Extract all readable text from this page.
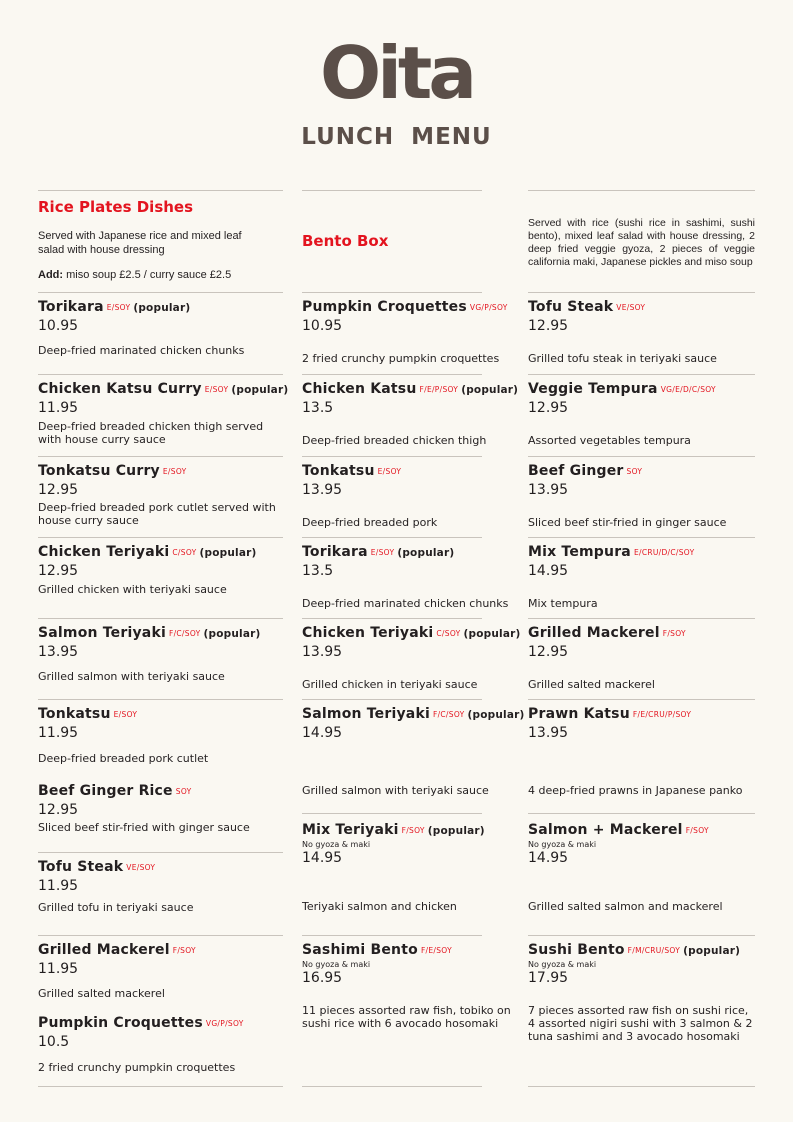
Oita
LUNCH MENU
Rice Plates Dishes
Served with Japanese rice and mixed leaf salad with house dressing
Add: miso soup £2.5 / curry sauce £2.5
Bento Box
Served with rice (sushi rice in sashimi, sushi bento), mixed leaf salad with house dressing, 2 deep fried veggie gyoza, 2 pieces of veggie california maki, Japanese pickles and miso soup
Torikara E/SOY (popular)
10.95
Deep-fried marinated chicken chunks
Chicken Katsu Curry E/SOY (popular)
11.95
Deep-fried breaded chicken thigh served with house curry sauce
Tonkatsu Curry E/SOY
12.95
Deep-fried breaded pork cutlet served with house curry sauce
Chicken Teriyaki C/SOY (popular)
12.95
Grilled chicken with teriyaki sauce
Salmon Teriyaki F/C/SOY (popular)
13.95
Grilled salmon with teriyaki sauce
Tonkatsu E/SOY
11.95
Deep-fried breaded pork cutlet
Beef Ginger Rice SOY
12.95
Sliced beef stir-fried with ginger sauce
Tofu Steak VE/SOY
11.95
Grilled tofu in teriyaki sauce
Grilled Mackerel F/SOY
11.95
Grilled salted mackerel
Pumpkin Croquettes VG/P/SOY
10.5
2 fried crunchy pumpkin croquettes
Pumpkin Croquettes VG/P/SOY
10.95
2 fried crunchy pumpkin croquettes
Chicken Katsu F/E/P/SOY (popular)
13.5
Deep-fried breaded chicken thigh
Tonkatsu E/SOY
13.95
Deep-fried breaded pork
Torikara E/SOY (popular)
13.5
Deep-fried marinated chicken chunks
Chicken Teriyaki C/SOY (popular)
13.95
Grilled chicken in teriyaki sauce
Salmon Teriyaki F/C/SOY (popular)
14.95
Grilled salmon with teriyaki sauce
Mix Teriyaki F/SOY (popular)
No gyoza & maki
14.95
Teriyaki salmon and chicken
Sashimi Bento F/E/SOY
No gyoza & maki
16.95
11 pieces assorted raw fish, tobiko on sushi rice with 6 avocado hosomaki
Tofu Steak VE/SOY
12.95
Grilled tofu steak in teriyaki sauce
Veggie Tempura VG/E/D/C/SOY
12.95
Assorted vegetables tempura
Beef Ginger SOY
13.95
Sliced beef stir-fried in ginger sauce
Mix Tempura E/CRU/D/C/SOY
14.95
Mix tempura
Grilled Mackerel F/SOY
12.95
Grilled salted mackerel
Prawn Katsu F/E/CRU/P/SOY
13.95
4 deep-fried prawns in Japanese panko
Salmon + Mackerel F/SOY
No gyoza & maki
14.95
Grilled salted salmon and mackerel
Sushi Bento F/M/CRU/SOY (popular)
No gyoza & maki
17.95
7 pieces assorted raw fish on sushi rice, 4 assorted nigiri sushi with 3 salmon & 2 tuna sashimi and 3 avocado hosomaki
